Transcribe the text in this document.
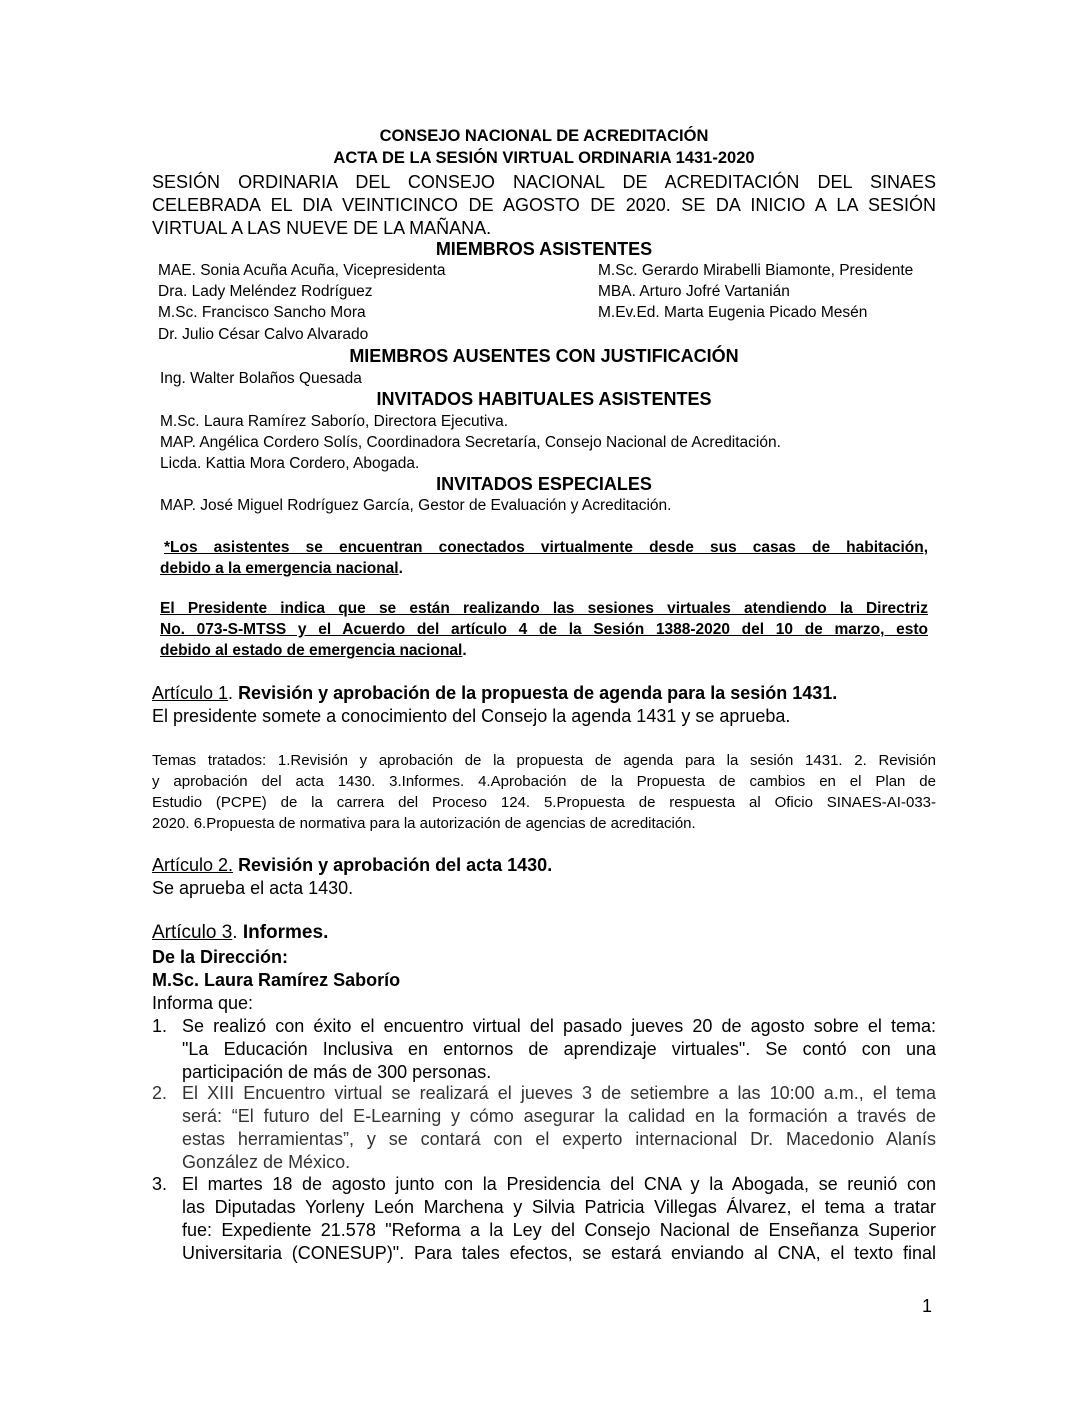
CONSEJO NACIONAL DE ACREDITACIÓN
ACTA DE LA SESIÓN VIRTUAL ORDINARIA 1431-2020
SESIÓN ORDINARIA DEL CONSEJO NACIONAL DE ACREDITACIÓN DEL SINAES
CELEBRADA EL DIA VEINTICINCO DE AGOSTO DE 2020. SE DA INICIO A LA SESIÓN
VIRTUAL A LAS NUEVE DE LA MAÑANA.
MIEMBROS ASISTENTES
MAE. Sonia Acuña Acuña, Vicepresidenta
Dra. Lady Meléndez Rodríguez
M.Sc. Francisco Sancho Mora
Dr. Julio César Calvo Alvarado
M.Sc. Gerardo Mirabelli Biamonte, Presidente
MBA. Arturo Jofré Vartanián
M.Ev.Ed. Marta Eugenia Picado Mesén
MIEMBROS AUSENTES CON JUSTIFICACIÓN
Ing. Walter Bolaños Quesada
INVITADOS HABITUALES ASISTENTES
M.Sc. Laura Ramírez Saborío, Directora Ejecutiva.
MAP. Angélica Cordero Solís, Coordinadora Secretaría, Consejo Nacional de Acreditación.
Licda. Kattia Mora Cordero, Abogada.
INVITADOS ESPECIALES
MAP. José Miguel Rodríguez García, Gestor de Evaluación y Acreditación.
*Los asistentes se encuentran conectados virtualmente desde sus casas de habitación,
debido a la emergencia nacional.
El Presidente indica que se están realizando las sesiones virtuales atendiendo la Directriz
No. 073-S-MTSS y el Acuerdo del artículo 4 de la Sesión 1388-2020 del 10 de marzo, esto
debido al estado de emergencia nacional.
Artículo 1. Revisión y aprobación de la propuesta de agenda para la sesión 1431.
El presidente somete a conocimiento del Consejo la agenda 1431 y se aprueba.
Temas tratados: 1.Revisión y aprobación de la propuesta de agenda para la sesión 1431. 2. Revisión
y aprobación del acta 1430. 3.Informes. 4.Aprobación de la Propuesta de cambios en el Plan de
Estudio (PCPE) de la carrera del Proceso 124. 5.Propuesta de respuesta al Oficio SINAES-AI-033-
2020. 6.Propuesta de normativa para la autorización de agencias de acreditación.
Artículo 2. Revisión y aprobación del acta 1430.
Se aprueba el acta 1430.
Artículo 3. Informes.
De la Dirección:
M.Sc. Laura Ramírez Saborío
Informa que:
1. Se realizó con éxito el encuentro virtual del pasado jueves 20 de agosto sobre el tema:
"La Educación Inclusiva en entornos de aprendizaje virtuales". Se contó con una
participación de más de 300 personas.
2. El XIII Encuentro virtual se realizará el jueves 3 de setiembre a las 10:00 a.m., el tema
será: “El futuro del E-Learning y cómo asegurar la calidad en la formación a través de
estas herramientas”, y se contará con el experto internacional Dr. Macedonio Alanís
González de México.
3. El martes 18 de agosto junto con la Presidencia del CNA y la Abogada, se reunió con
las Diputadas Yorleny León Marchena y Silvia Patricia Villegas Álvarez, el tema a tratar
fue: Expediente 21.578 "Reforma a la Ley del Consejo Nacional de Enseñanza Superior
Universitaria (CONESUP)". Para tales efectos, se estará enviando al CNA, el texto final
1
